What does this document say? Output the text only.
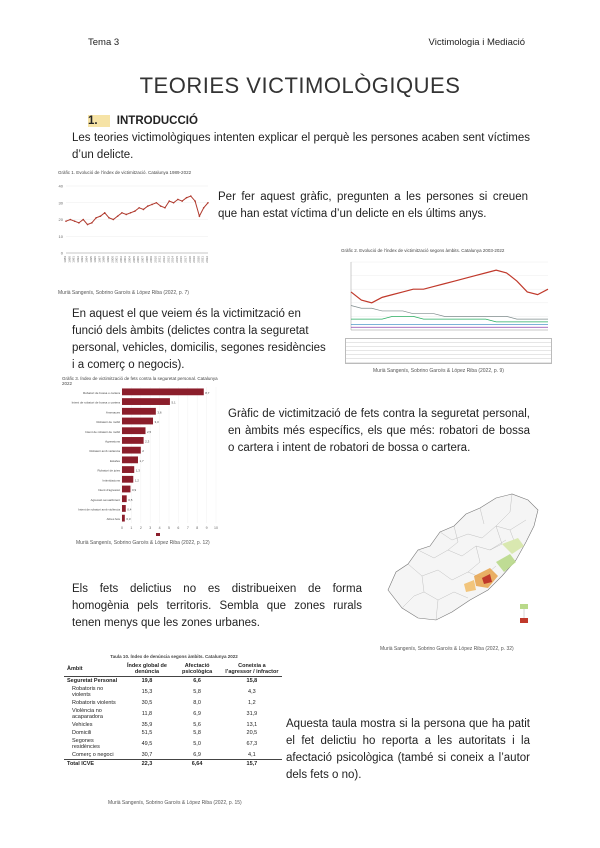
Tema 3	Victimologia i Mediació
TEORIES VICTIMOLÒGIQUES
1. INTRODUCCIÓ
Les teories victimològiques intenten explicar el perquè les persones acaben sent víctimes d’un delicte.
Gràfic 1. Evolució de l’índex de victimització. Catalunya 1989-2022
0
10
20
30
40
1989 1990 1991 1992 1993 1994 1995 1996 1997 1998 1999 2000 2001 2002 2003 2004 2005 2006 2007 2008 2009 2010 2011 2012 2013 2014 2015 2016 2017 2018 2019 2020 2021 2022
Murià Sangenís, Sobrino Garcés & López Riba (2022, p. 7)
Per fer aquest gràfic, pregunten a les persones si creuen que han estat víctima d’un delicte en els últims anys.
Gràfic 2. Evolució de l’índex de victimització segons àmbits. Catalunya 2003-2022
Murià Sangenís, Sobrino Garcés & López Riba (2022, p. 9)
En aquest el que veiem és la victimització en funció dels àmbits (delictes contra la seguretat personal, vehicles, domicilis, segones residències i a comerç o negocis).
Gràfic 3. Índex de victimització de fets contra la seguretat personal. Catalunya 2022
0 1 2 3 4 5 6 7 8 9 10
Robatori de bossa o cartera	8,7
Intent de robatori de bossa o cartera	5,1
Amenaces	3,6
Robatori de mòbil	3,3
Intent de robatori de mòbil	2,5
Agressions	2,3
Robatori amb violència	2
Estafes	1,7
Robatori de joies	1,3
Intimidacions	1,2
Intent d’agressió	0,9
Agressió sexual/intent	0,5
Intent de robatori amb violència 0,4
Altres fets 0,3
Murià Sangenís, Sobrino Garcés & López Riba (2022, p. 12)
Gràfic de victimització de fets contra la seguretat personal, en àmbits més específics, els que més: robatori de bossa o cartera i intent de robatori de bossa o cartera.
Murià Sangenís, Sobrino Garcés & López Riba (2022, p. 32)
Els fets delictius no es distribueixen de forma homogènia pels territoris. Sembla que zones rurals tenen menys que les zones urbanes.
Taula 10. Índex de denúncia segons àmbits. Catalunya 2022
Àmbit	Índex global de denúncia	Afectació psicològica	Coneixia a l’agressor / infractor
Seguretat Personal	19,8	6,6	15,8
Robatoris no violents	15,3	5,8	4,3
Robatoris violents	30,5	8,0	1,2
Violència no acaparadora	11,8	6,9	31,9
Vehicles	35,9	5,6	13,1
Domicili	51,5	5,8	20,5
Segones residències	49,5	5,0	67,3
Comerç o negoci	30,7	6,9	4,1
Total ICVE	22,3	6,64	15,7
Aquesta taula mostra si la persona que ha patit el fet delictiu ho reporta a les autoritats i la afectació psicològica (també si coneix a l’autor dels fets o no).
Murià Sangenís, Sobrino Garcés & López Riba (2022, p. 15)
